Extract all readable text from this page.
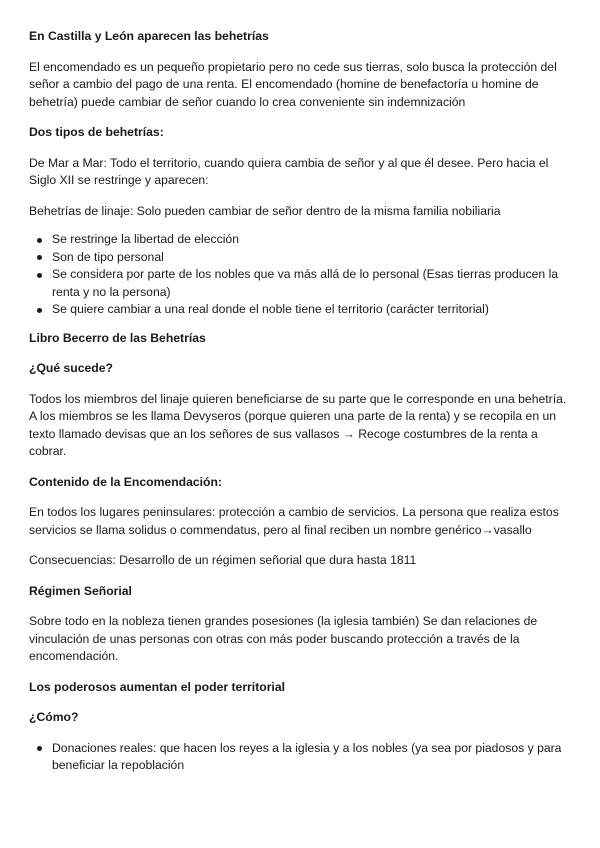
En Castilla y León aparecen las behetrías

El encomendado es un pequeño propietario pero no cede sus tierras, solo busca la protección del señor a cambio del pago de una renta. El encomendado (homine de benefactoría u homine de behetría) puede cambiar de señor cuando lo crea conveniente sin indemnización

Dos tipos de behetrías:

De Mar a Mar: Todo el territorio, cuando quiera cambia de señor y al que él desee. Pero hacia el Siglo XII se restringe y aparecen:

Behetrías de linaje: Solo pueden cambiar de señor dentro de la misma familia nobiliaria

Se restringe la libertad de elección
Son de tipo personal
Se considera por parte de los nobles que va más allá de lo personal (Esas tierras producen la renta y no la persona)
Se quiere cambiar a una real donde el noble tiene el territorio (carácter territorial)

Libro Becerro de las Behetrías

¿Qué sucede?

Todos los miembros del linaje quieren beneficiarse de su parte que le corresponde en una behetría. A los miembros se les llama Devyseros (porque quieren una parte de la renta) y se recopila en un texto llamado devisas que an los señores de sus vallasos → Recoge costumbres de la renta a cobrar.

Contenido de la Encomendación:

En todos los lugares peninsulares: protección a cambio de servicios. La persona que realiza estos servicios se llama solidus o commendatus, pero al final reciben un nombre genérico→vasallo

Consecuencias: Desarrollo de un régimen señorial que dura hasta 1811

Régimen Señorial

Sobre todo en la nobleza tienen grandes posesiones (la iglesia también) Se dan relaciones de vinculación de unas personas con otras con más poder buscando protección a través de la encomendación.

Los poderosos aumentan el poder territorial

¿Cómo?

Donaciones reales: que hacen los reyes a la iglesia y a los nobles (ya sea por piadosos y para beneficiar la repoblación
